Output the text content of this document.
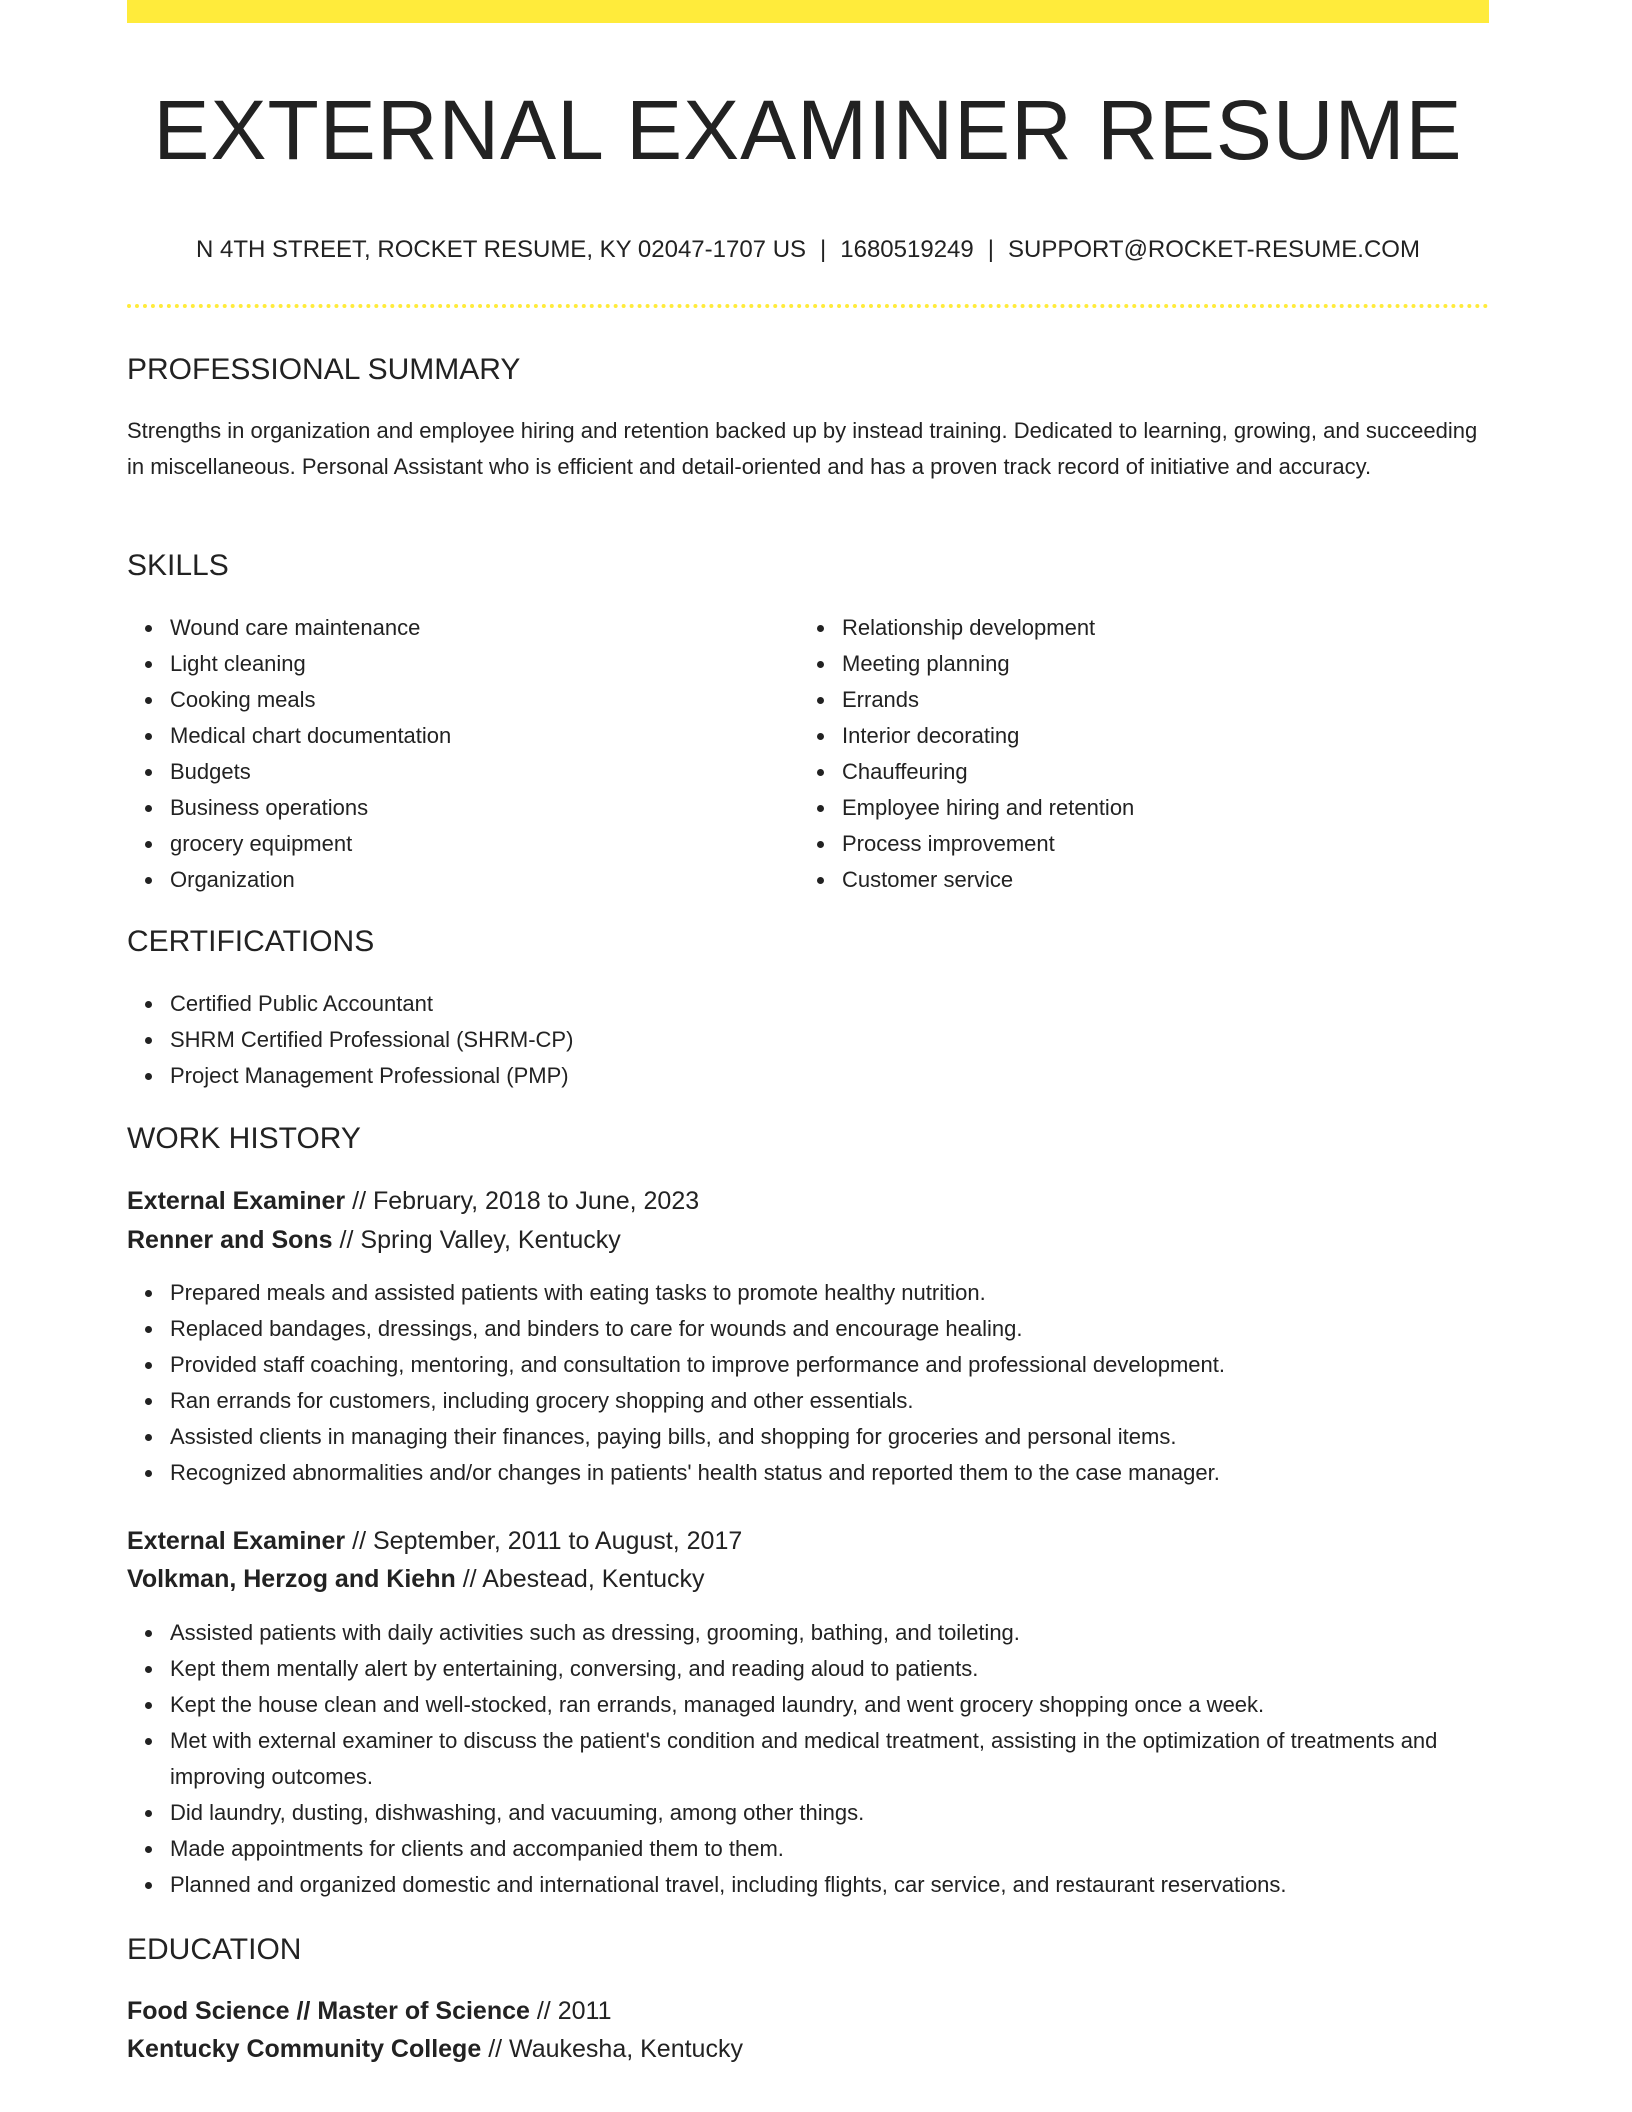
EXTERNAL EXAMINER RESUME
N 4TH STREET, ROCKET RESUME, KY 02047-1707 US | 1680519249 | SUPPORT@ROCKET-RESUME.COM
PROFESSIONAL SUMMARY

Strengths in organization and employee hiring and retention backed up by instead training. Dedicated to learning, growing, and succeeding in miscellaneous. Personal Assistant who is efficient and detail-oriented and has a proven track record of initiative and accuracy.

SKILLS
Wound care maintenance
Light cleaning
Cooking meals
Medical chart documentation
Budgets
Business operations
grocery equipment
Organization
Relationship development
Meeting planning
Errands
Interior decorating
Chauffeuring
Employee hiring and retention
Process improvement
Customer service
CERTIFICATIONS
Certified Public Accountant
SHRM Certified Professional (SHRM-CP)
Project Management Professional (PMP)
WORK HISTORY
External Examiner // February, 2018 to June, 2023
Renner and Sons // Spring Valley, Kentucky
Prepared meals and assisted patients with eating tasks to promote healthy nutrition.
Replaced bandages, dressings, and binders to care for wounds and encourage healing.
Provided staff coaching, mentoring, and consultation to improve performance and professional development.
Ran errands for customers, including grocery shopping and other essentials.
Assisted clients in managing their finances, paying bills, and shopping for groceries and personal items.
Recognized abnormalities and/or changes in patients' health status and reported them to the case manager.
External Examiner // September, 2011 to August, 2017
Volkman, Herzog and Kiehn // Abestead, Kentucky
Assisted patients with daily activities such as dressing, grooming, bathing, and toileting.
Kept them mentally alert by entertaining, conversing, and reading aloud to patients.
Kept the house clean and well-stocked, ran errands, managed laundry, and went grocery shopping once a week.
Met with external examiner to discuss the patient's condition and medical treatment, assisting in the optimization of treatments and improving outcomes.
Did laundry, dusting, dishwashing, and vacuuming, among other things.
Made appointments for clients and accompanied them to them.
Planned and organized domestic and international travel, including flights, car service, and restaurant reservations.
EDUCATION
Food Science // Master of Science // 2011
Kentucky Community College // Waukesha, Kentucky
